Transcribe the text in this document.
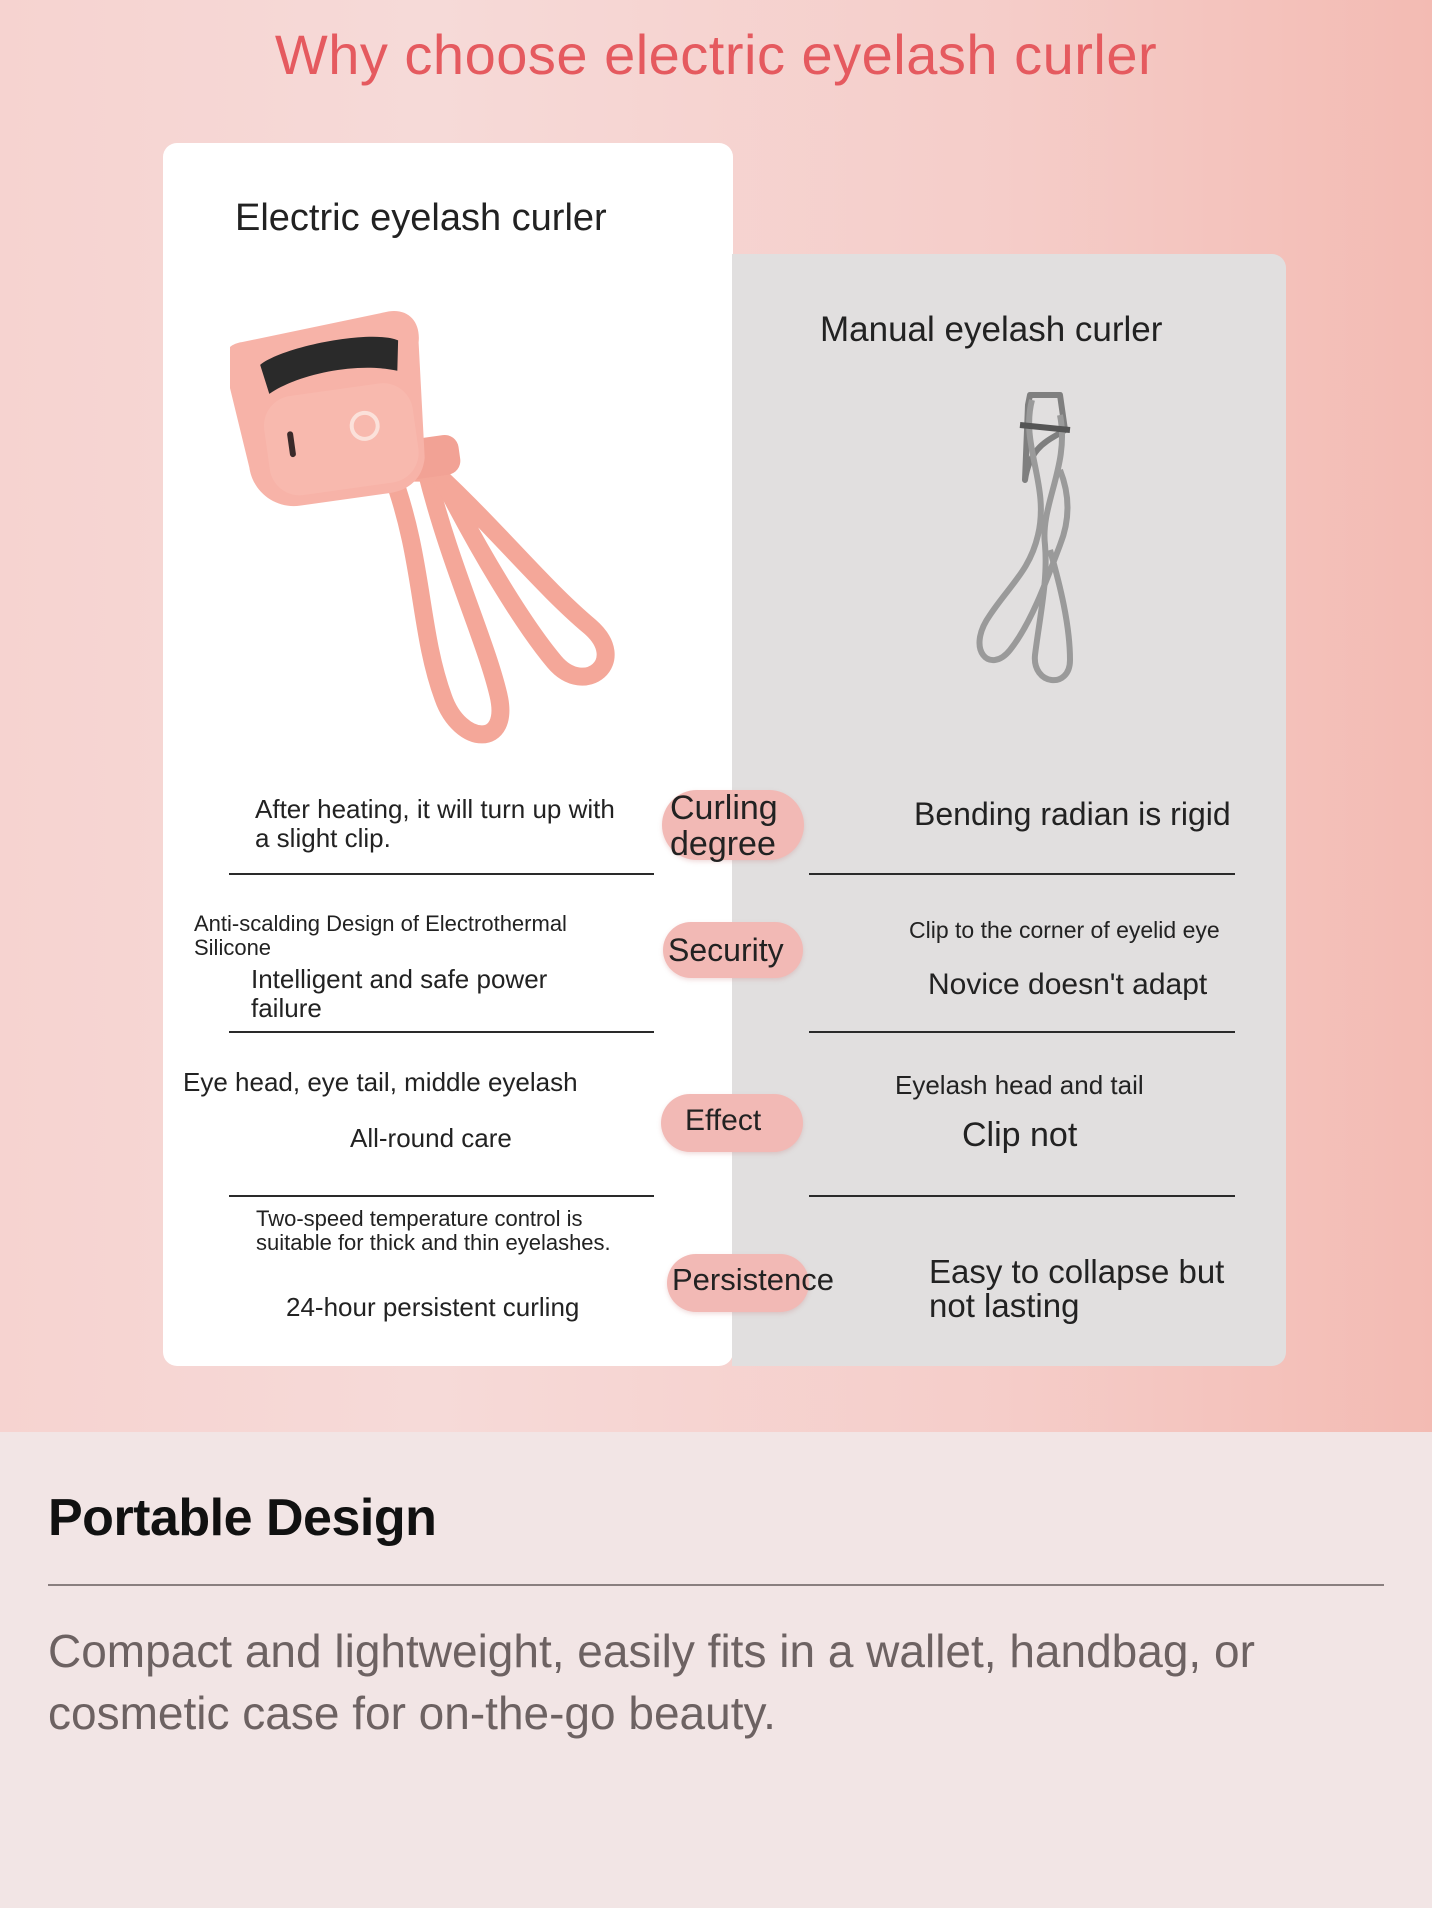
Why choose electric eyelash curler
Electric eyelash curler
Manual eyelash curler
After heating, it will turn up with a slight clip.
Curling degree
Bending radian is rigid
Anti-scalding Design of Electrothermal Silicone
Intelligent and safe power failure
Security
Clip to the corner of eyelid eye
Novice doesn't adapt
Eye head, eye tail, middle eyelash
All-round care
Effect
Eyelash head and tail
Clip not
Two-speed temperature control is suitable for thick and thin eyelashes.
24-hour persistent curling
Persistence	Easy to collapse but not lasting
Portable Design
Compact and lightweight, easily fits in a wallet, handbag, or cosmetic case for on-the-go beauty.
